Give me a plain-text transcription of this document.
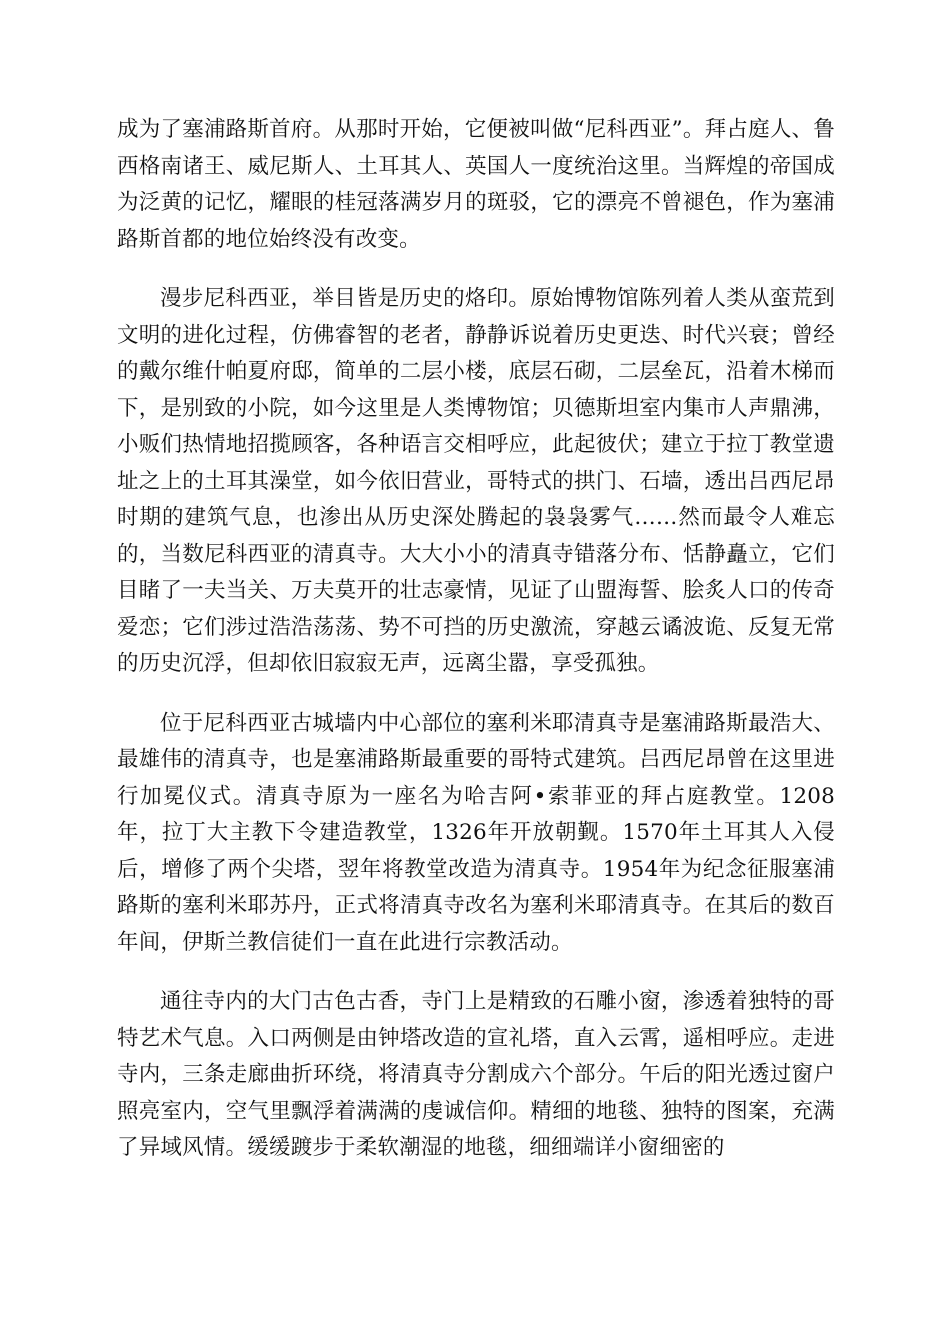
成为了塞浦路斯首府。从那时开始，它便被叫做“尼科西亚”。拜占庭人、鲁西格南诸王、威尼斯人、土耳其人、英国人一度统治这里。当辉煌的帝国成为泛黄的记忆，耀眼的桂冠落满岁月的斑驳，它的漂亮不曾褪色，作为塞浦路斯首都的地位始终没有改变。

漫步尼科西亚，举目皆是历史的烙印。原始博物馆陈列着人类从蛮荒到文明的进化过程，仿佛睿智的老者，静静诉说着历史更迭、时代兴衰；曾经的戴尔维什帕夏府邸，简单的二层小楼，底层石砌，二层垒瓦，沿着木梯而下，是别致的小院，如今这里是人类博物馆；贝德斯坦室内集市人声鼎沸，小贩们热情地招揽顾客，各种语言交相呼应，此起彼伏；建立于拉丁教堂遗址之上的土耳其澡堂，如今依旧营业，哥特式的拱门、石墙，透出吕西尼昂时期的建筑气息，也渗出从历史深处腾起的袅袅雾气……然而最令人难忘的，当数尼科西亚的清真寺。大大小小的清真寺错落分布、恬静矗立，它们目睹了一夫当关、万夫莫开的壮志豪情，见证了山盟海誓、脍炙人口的传奇爱恋；它们涉过浩浩荡荡、势不可挡的历史激流，穿越云谲波诡、反复无常的历史沉浮，但却依旧寂寂无声，远离尘嚣，享受孤独。

位于尼科西亚古城墙内中心部位的塞利米耶清真寺是塞浦路斯最浩大、最雄伟的清真寺，也是塞浦路斯最重要的哥特式建筑。吕西尼昂曾在这里进行加冕仪式。清真寺原为一座名为哈吉阿•索菲亚的拜占庭教堂。1208年，拉丁大主教下令建造教堂，1326年开放朝觐。1570年土耳其人入侵后，增修了两个尖塔，翌年将教堂改造为清真寺。1954年为纪念征服塞浦路斯的塞利米耶苏丹，正式将清真寺改名为塞利米耶清真寺。在其后的数百年间，伊斯兰教信徒们一直在此进行宗教活动。

通往寺内的大门古色古香，寺门上是精致的石雕小窗，渗透着独特的哥特艺术气息。入口两侧是由钟塔改造的宣礼塔，直入云霄，遥相呼应。走进寺内，三条走廊曲折环绕，将清真寺分割成六个部分。午后的阳光透过窗户照亮室内，空气里飘浮着满满的虔诚信仰。精细的地毯、独特的图案，充满了异域风情。缓缓踱步于柔软潮湿的地毯，细细端详小窗细密的
